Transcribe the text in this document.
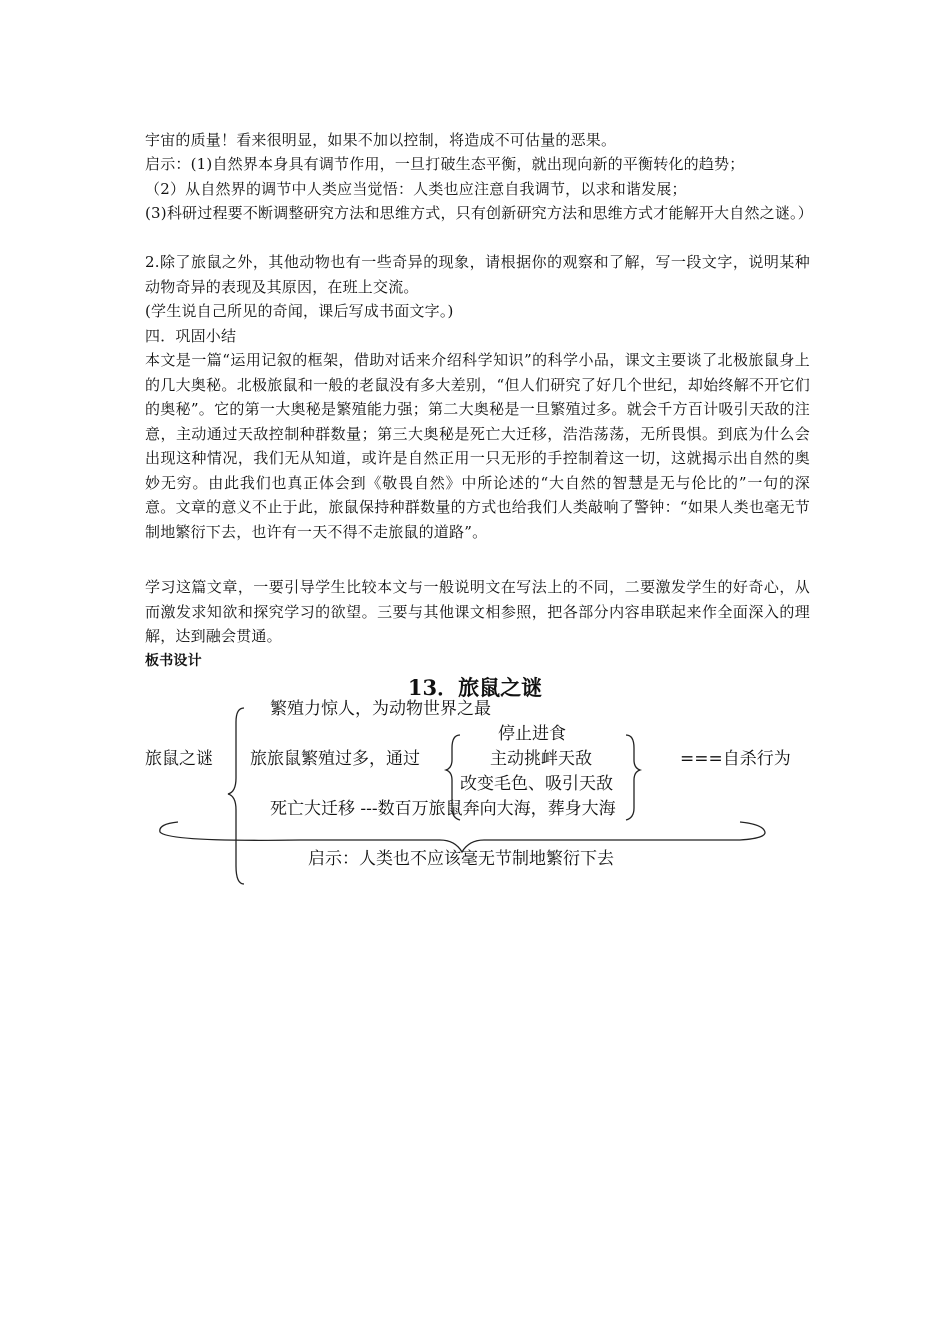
宇宙的质量！看来很明显，如果不加以控制，将造成不可估量的恶果。

启示：(1)自然界本身具有调节作用，一旦打破生态平衡，就出现向新的平衡转化的趋势；

（2）从自然界的调节中人类应当觉悟：人类也应注意自我调节，以求和谐发展；

(3)科研过程要不断调整研究方法和思维方式，只有创新研究方法和思维方式才能解开大自然之谜。）

2.除了旅鼠之外，其他动物也有一些奇异的现象，请根据你的观察和了解，写一段文字，说明某种动物奇异的表现及其原因，在班上交流。

(学生说自己所见的奇闻，课后写成书面文字。)

四．巩固小结

本文是一篇“运用记叙的框架，借助对话来介绍科学知识”的科学小品，课文主要谈了北极旅鼠身上的几大奥秘。北极旅鼠和一般的老鼠没有多大差别，“但人们研究了好几个世纪，却始终解不开它们的奥秘”。它的第一大奥秘是繁殖能力强；第二大奥秘是一旦繁殖过多。就会千方百计吸引天敌的注意，主动通过天敌控制种群数量；第三大奥秘是死亡大迁移，浩浩荡荡，无所畏惧。到底为什么会出现这种情况，我们无从知道，或许是自然正用一只无形的手控制着这一切，这就揭示出自然的奥妙无穷。由此我们也真正体会到《敬畏自然》中所论述的“大自然的智慧是无与伦比的”一句的深意。文章的意义不止于此，旅鼠保持种群数量的方式也给我们人类敲响了警钟：“如果人类也毫无节制地繁衍下去，也许有一天不得不走旅鼠的道路”。

学习这篇文章，一要引导学生比较本文与一般说明文在写法上的不同，二要激发学生的好奇心，从而激发求知欲和探究学习的欲望。三要与其他课文相参照，把各部分内容串联起来作全面深入的理解，达到融会贯通。

板书设计

13．旅鼠之谜
旅鼠之谜
繁殖力惊人，为动物世界之最
旅旅鼠繁殖过多，通过
停止进食
主动挑衅天敌
改变毛色、吸引天敌
===自杀行为
死亡大迁移 ---数百万旅鼠奔向大海，葬身大海
启示：人类也不应该毫无节制地繁衍下去
